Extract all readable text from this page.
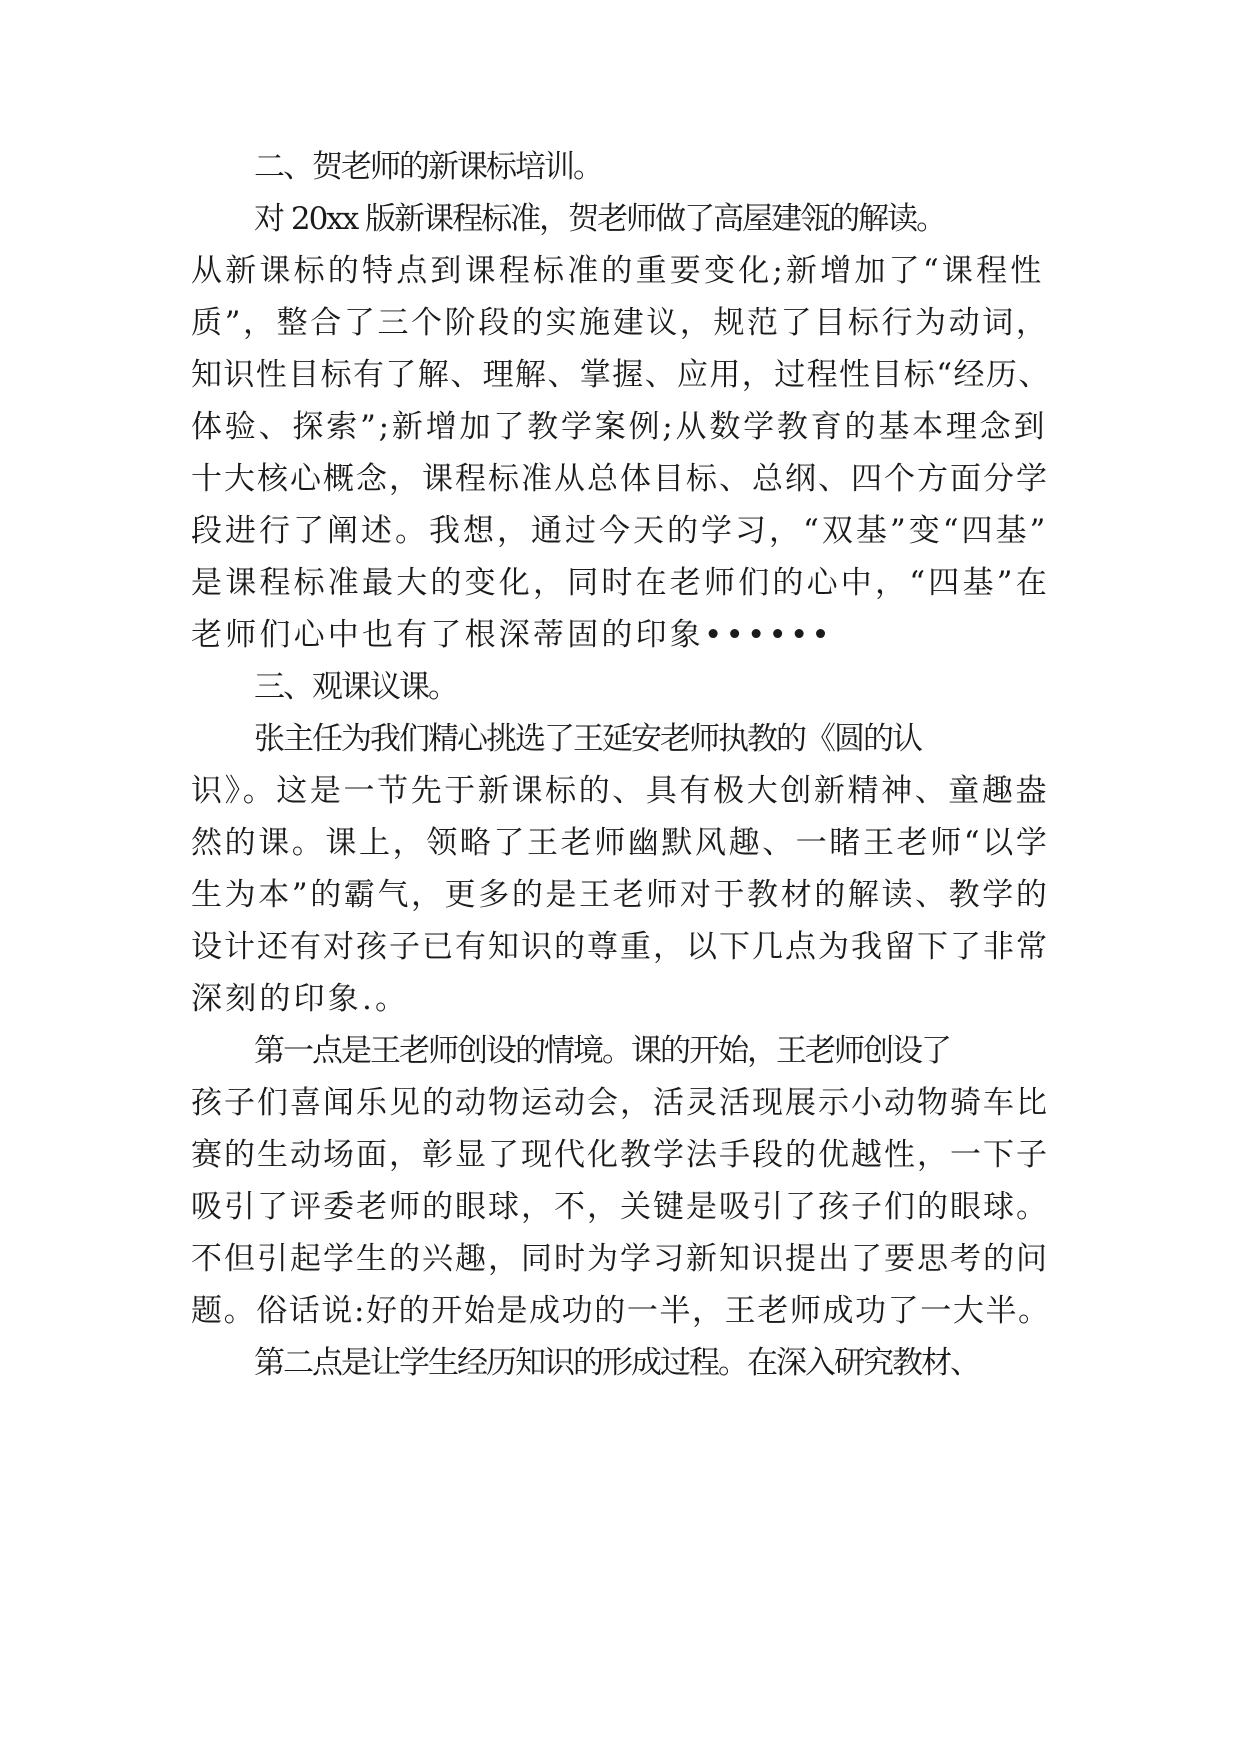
二、贺老师的新课标培训。
对 20xx 版新课程标准，贺老师做了高屋建瓴的解读。
从新课标的特点到课程标准的重要变化;新增加了“课程性
质”，整合了三个阶段的实施建议，规范了目标行为动词，
知识性目标有了解、理解、掌握、应用，过程性目标“经历、
体验、探索”;新增加了教学案例;从数学教育的基本理念到
十大核心概念，课程标准从总体目标、总纲、四个方面分学
段进行了阐述。我想，通过今天的学习，“双基”变“四基”
是课程标准最大的变化，同时在老师们的心中，“四基”在
老师们心中也有了根深蒂固的印象••••••
三、观课议课。
张主任为我们精心挑选了王延安老师执教的《圆的认
识》。这是一节先于新课标的、具有极大创新精神、童趣盎
然的课。课上，领略了王老师幽默风趣、一睹王老师“以学
生为本”的霸气，更多的是王老师对于教材的解读、教学的
设计还有对孩子已有知识的尊重，以下几点为我留下了非常
深刻的印象.。
第一点是王老师创设的情境。课的开始，王老师创设了
孩子们喜闻乐见的动物运动会，活灵活现展示小动物骑车比
赛的生动场面，彰显了现代化教学法手段的优越性，一下子
吸引了评委老师的眼球，不，关键是吸引了孩子们的眼球。
不但引起学生的兴趣，同时为学习新知识提出了要思考的问
题。俗话说:好的开始是成功的一半，王老师成功了一大半。
第二点是让学生经历知识的形成过程。在深入研究教材、
